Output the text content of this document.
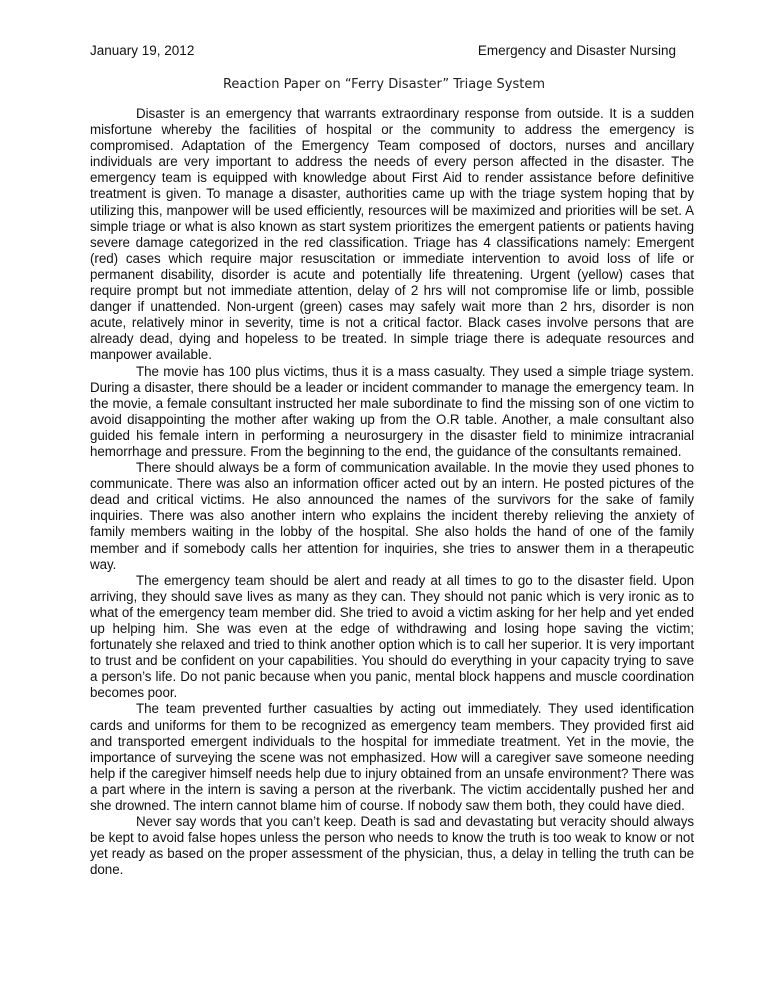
January 19, 2012	Emergency and Disaster Nursing
Reaction Paper on “Ferry Disaster” Triage System

Disaster is an emergency that warrants extraordinary response from outside. It is a sudden misfortune whereby the facilities of hospital or the community to address the emergency is compromised. Adaptation of the Emergency Team composed of doctors, nurses and ancillary individuals are very important to address the needs of every person affected in the disaster. The emergency team is equipped with knowledge about First Aid to render assistance before definitive treatment is given. To manage a disaster, authorities came up with the triage system hoping that by utilizing this, manpower will be used efficiently, resources will be maximized and priorities will be set. A simple triage or what is also known as start system prioritizes the emergent patients or patients having severe damage categorized in the red classification. Triage has 4 classifications namely: Emergent (red) cases which require major resuscitation or immediate intervention to avoid loss of life or permanent disability, disorder is acute and potentially life threatening. Urgent (yellow) cases that require prompt but not immediate attention, delay of 2 hrs will not compromise life or limb, possible danger if unattended. Non-urgent (green) cases may safely wait more than 2 hrs, disorder is non acute, relatively minor in severity, time is not a critical factor. Black cases involve persons that are already dead, dying and hopeless to be treated. In simple triage there is adequate resources and manpower available.

The movie has 100 plus victims, thus it is a mass casualty. They used a simple triage system. During a disaster, there should be a leader or incident commander to manage the emergency team. In the movie, a female consultant instructed her male subordinate to find the missing son of one victim to avoid disappointing the mother after waking up from the O.R table. Another, a male consultant also guided his female intern in performing a neurosurgery in the disaster field to minimize intracranial hemorrhage and pressure. From the beginning to the end, the guidance of the consultants remained.

There should always be a form of communication available. In the movie they used phones to communicate. There was also an information officer acted out by an intern. He posted pictures of the dead and critical victims. He also announced the names of the survivors for the sake of family inquiries. There was also another intern who explains the incident thereby relieving the anxiety of family members waiting in the lobby of the hospital. She also holds the hand of one of the family member and if somebody calls her attention for inquiries, she tries to answer them in a therapeutic way.

The emergency team should be alert and ready at all times to go to the disaster field. Upon arriving, they should save lives as many as they can. They should not panic which is very ironic as to what of the emergency team member did. She tried to avoid a victim asking for her help and yet ended up helping him. She was even at the edge of withdrawing and losing hope saving the victim; fortunately she relaxed and tried to think another option which is to call her superior. It is very important to trust and be confident on your capabilities. You should do everything in your capacity trying to save a person’s life. Do not panic because when you panic, mental block happens and muscle coordination becomes poor.

The team prevented further casualties by acting out immediately. They used identification cards and uniforms for them to be recognized as emergency team members. They provided first aid and transported emergent individuals to the hospital for immediate treatment. Yet in the movie, the importance of surveying the scene was not emphasized. How will a caregiver save someone needing help if the caregiver himself needs help due to injury obtained from an unsafe environment? There was a part where in the intern is saving a person at the riverbank. The victim accidentally pushed her and she drowned. The intern cannot blame him of course. If nobody saw them both, they could have died.

Never say words that you can’t keep. Death is sad and devastating but veracity should always be kept to avoid false hopes unless the person who needs to know the truth is too weak to know or not yet ready as based on the proper assessment of the physician, thus, a delay in telling the truth can be done.
